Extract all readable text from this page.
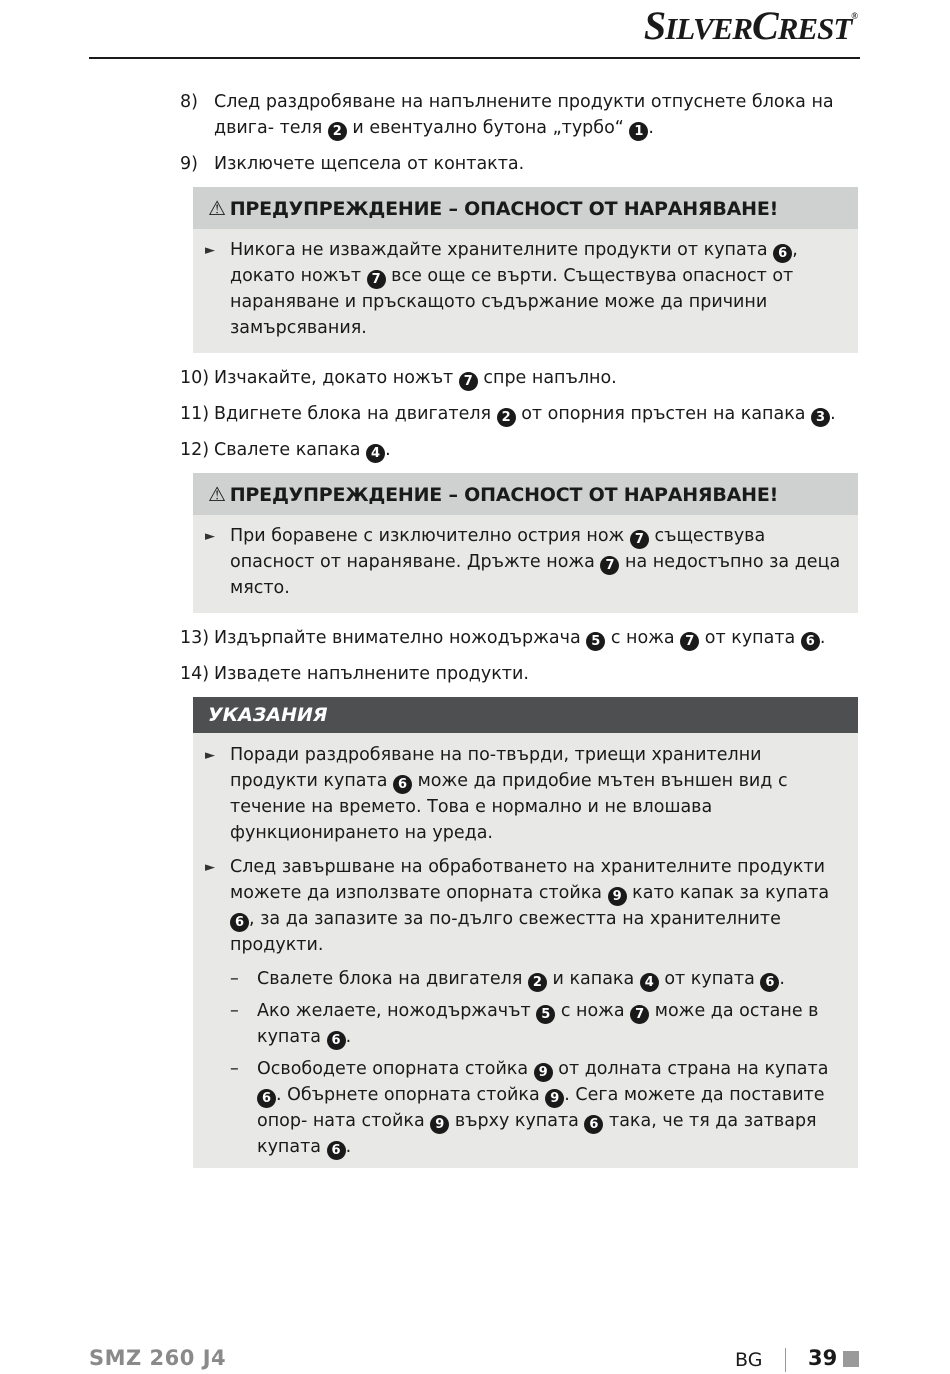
SILVERCREST®
8) След раздробяване на напълнените продукти отпуснете блока на двига- теля 2 и евентуално бутона „турбо“ 1 .
9) Изключете щепсела от контакта.
⚠ ПРЕДУПРЕЖДЕНИЕ – ОПАСНОСТ ОТ НАРАНЯВАНЕ!
► Никога не изваждайте хранителните продукти от купата 6 , докато ножът 7 все още се върти. Съществува опасност от нараняване и пръскащото съдържание може да причини замърсявания.
10) Изчакайте, докато ножът 7 спре напълно.
11) Вдигнете блока на двигателя 2 от опорния пръстен на капака 3 .
12) Свалете капака 4 .
⚠ ПРЕДУПРЕЖДЕНИЕ – ОПАСНОСТ ОТ НАРАНЯВАНЕ!
► При боравене с изключително острия нож 7 съществува опасност от нараняване. Дръжте ножа 7 на недостъпно за деца място.
13) Издърпайте внимателно ножодържача 5 с ножа 7 от купата 6 .
14) Извадете напълнените продукти.
УКАЗАНИЯ
► Поради раздробяване на по-твърди, триещи хранителни продукти купата 6 може да придобие мътен външен вид с течение на времето. Това е нормално и не влошава функционирането на уреда.
► След завършване на обработването на хранителните продукти можете да използвате опорната стойка 9 като капак за купата 6 , за да запазите за по-дълго свежестта на хранителните продукти.
–	Свалете блока на двигателя 2 и капака 4 от купата 6 .
–	Ако желаете, ножодържачът 5 с ножа 7 може да остане в купата 6 .
–	Освободете опорната стойка 9 от долната страна на купата 6 . Обърнете опорната стойка 9 . Сега можете да поставите опор- ната стойка 9 върху купата 6 така, че тя да затваря купата 6 .
SMZ 260 J4	BG 39
